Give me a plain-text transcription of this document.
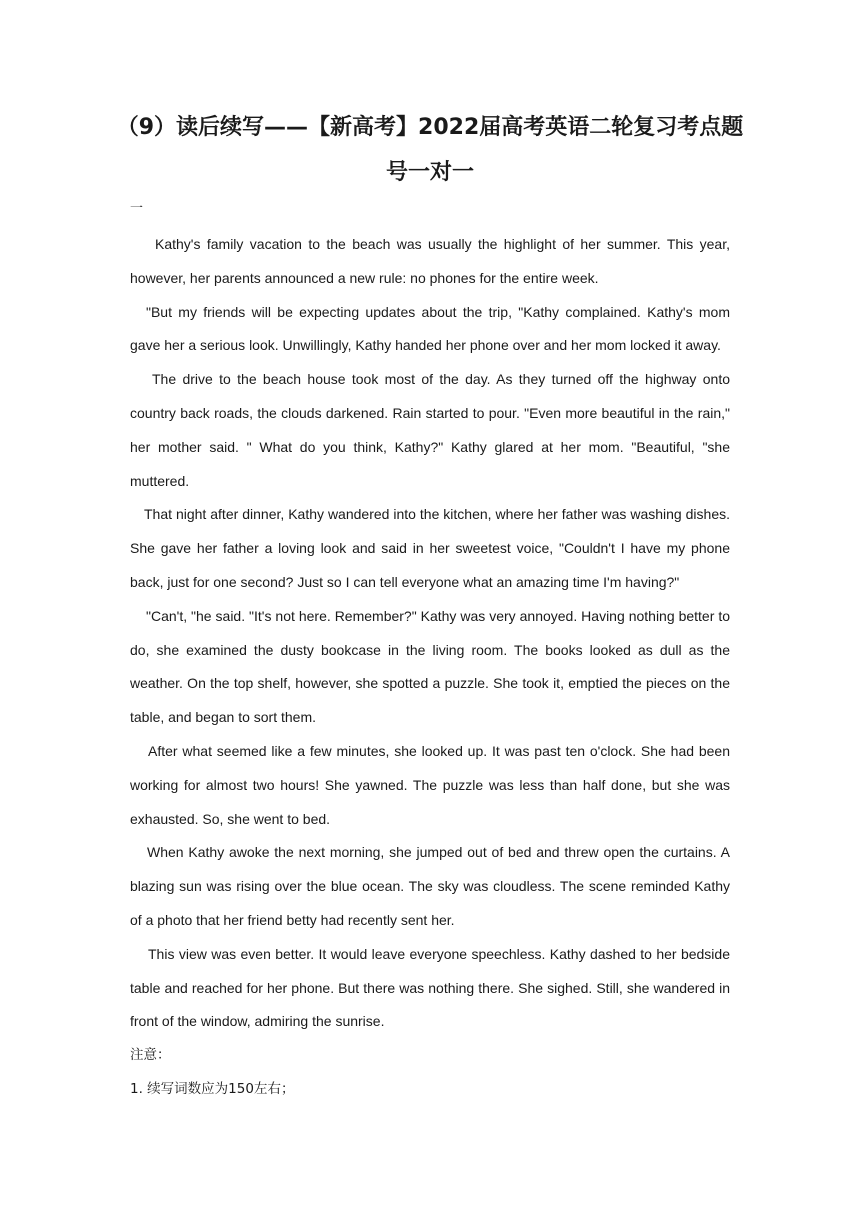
（9）读后续写——【新高考】2022届高考英语二轮复习考点题
号一对一
一

Kathy's family vacation to the beach was usually the highlight of her summer. This year, however, her parents announced a new rule: no phones for the entire week.

"But my friends will be expecting updates about the trip, "Kathy complained. Kathy's mom gave her a serious look. Unwillingly, Kathy handed her phone over and her mom locked it away.

The drive to the beach house took most of the day. As they turned off the highway onto country back roads, the clouds darkened. Rain started to pour. "Even more beautiful in the rain," her mother said. " What do you think, Kathy?" Kathy glared at her mom. "Beautiful, "she muttered.

That night after dinner, Kathy wandered into the kitchen, where her father was washing dishes. She gave her father a loving look and said in her sweetest voice, "Couldn't I have my phone back, just for one second? Just so I can tell everyone what an amazing time I'm having?"

"Can't, "he said. "It's not here. Remember?" Kathy was very annoyed. Having nothing better to do, she examined the dusty bookcase in the living room. The books looked as dull as the weather. On the top shelf, however, she spotted a puzzle. She took it, emptied the pieces on the table, and began to sort them.

After what seemed like a few minutes, she looked up. It was past ten o'clock. She had been working for almost two hours! She yawned. The puzzle was less than half done, but she was exhausted. So, she went to bed.

When Kathy awoke the next morning, she jumped out of bed and threw open the curtains. A blazing sun was rising over the blue ocean. The sky was cloudless. The scene reminded Kathy of a photo that her friend betty had recently sent her.

This view was even better. It would leave everyone speechless. Kathy dashed to her bedside table and reached for her phone. But there was nothing there. She sighed. Still, she wandered in front of the window, admiring the sunrise.

注意：

1. 续写词数应为150左右；
